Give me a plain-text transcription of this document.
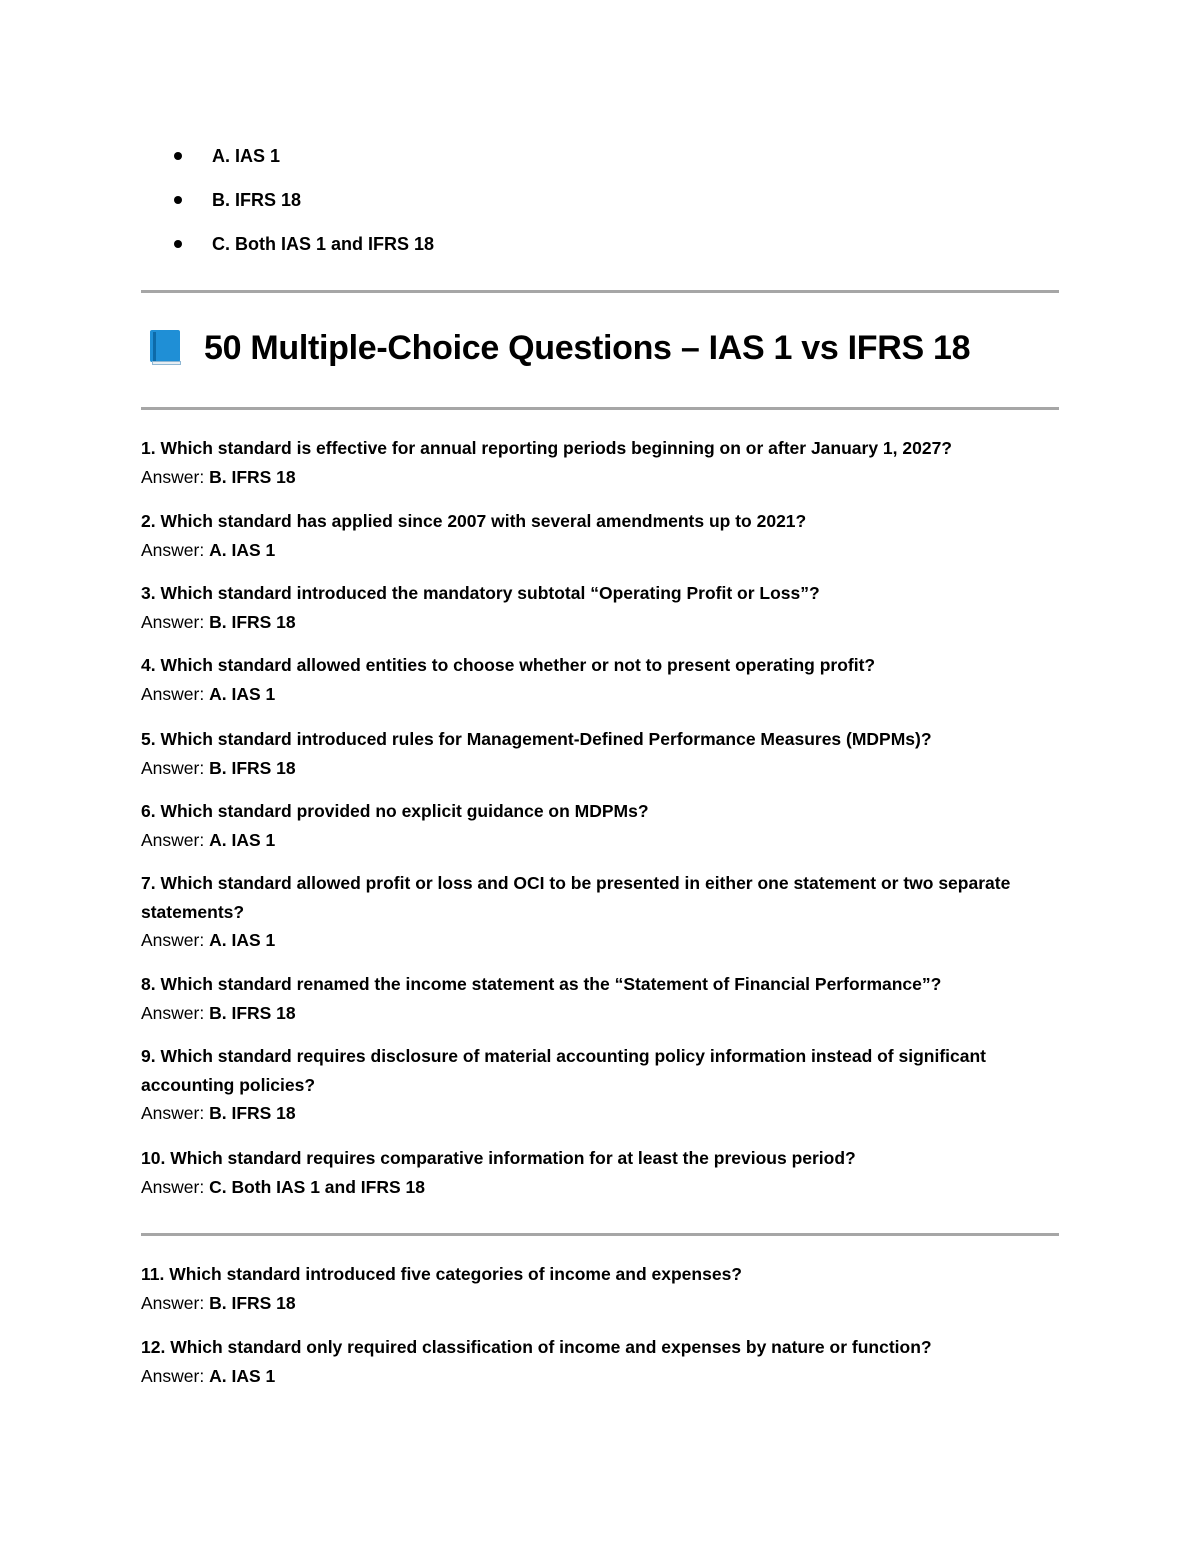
A. IAS 1
B. IFRS 18
C. Both IAS 1 and IFRS 18
50 Multiple-Choice Questions – IAS 1 vs IFRS 18
1. Which standard is effective for annual reporting periods beginning on or after January 1, 2027?
Answer: B. IFRS 18
2. Which standard has applied since 2007 with several amendments up to 2021?
Answer: A. IAS 1
3. Which standard introduced the mandatory subtotal “Operating Profit or Loss”?
Answer: B. IFRS 18
4. Which standard allowed entities to choose whether or not to present operating profit?
Answer: A. IAS 1
5. Which standard introduced rules for Management-Defined Performance Measures (MDPMs)?
Answer: B. IFRS 18
6. Which standard provided no explicit guidance on MDPMs?
Answer: A. IAS 1
7. Which standard allowed profit or loss and OCI to be presented in either one statement or two separate statements?
Answer: A. IAS 1
8. Which standard renamed the income statement as the “Statement of Financial Performance”?
Answer: B. IFRS 18
9. Which standard requires disclosure of material accounting policy information instead of significant accounting policies?
Answer: B. IFRS 18
10. Which standard requires comparative information for at least the previous period?
Answer: C. Both IAS 1 and IFRS 18
11. Which standard introduced five categories of income and expenses?
Answer: B. IFRS 18
12. Which standard only required classification of income and expenses by nature or function?
Answer: A. IAS 1
